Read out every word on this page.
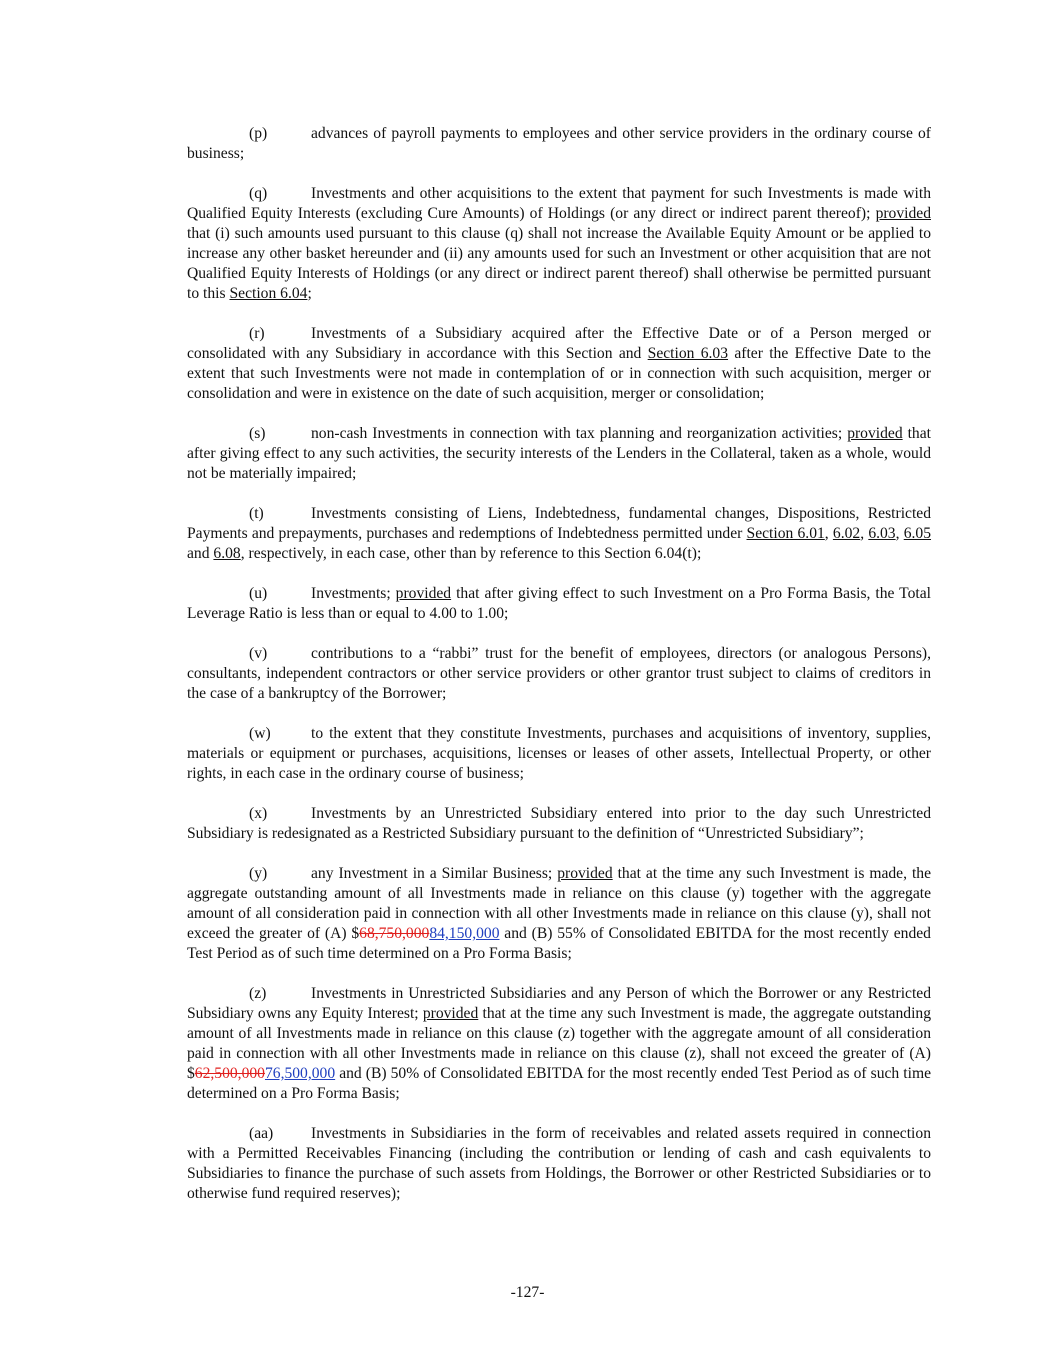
(p)	advances of payroll payments to employees and other service providers in the ordinary course of business;

(q)	Investments and other acquisitions to the extent that payment for such Investments is made with Qualified Equity Interests (excluding Cure Amounts) of Holdings (or any direct or indirect parent thereof); provided that (i) such amounts used pursuant to this clause (q) shall not increase the Available Equity Amount or be applied to increase any other basket hereunder and (ii) any amounts used for such an Investment or other acquisition that are not Qualified Equity Interests of Holdings (or any direct or indirect parent thereof) shall otherwise be permitted pursuant to this Section 6.04;

(r)	Investments of a Subsidiary acquired after the Effective Date or of a Person merged or consolidated with any Subsidiary in accordance with this Section and Section 6.03 after the Effective Date to the extent that such Investments were not made in contemplation of or in connection with such acquisition, merger or consolidation and were in existence on the date of such acquisition, merger or consolidation;

(s)	non-cash Investments in connection with tax planning and reorganization activities; provided that after giving effect to any such activities, the security interests of the Lenders in the Collateral, taken as a whole, would not be materially impaired;

(t)	Investments consisting of Liens, Indebtedness, fundamental changes, Dispositions, Restricted Payments and prepayments, purchases and redemptions of Indebtedness permitted under Section 6.01, 6.02, 6.03, 6.05 and 6.08, respectively, in each case, other than by reference to this Section 6.04(t);

(u)	Investments; provided that after giving effect to such Investment on a Pro Forma Basis, the Total Leverage Ratio is less than or equal to 4.00 to 1.00;

(v)	contributions to a “rabbi” trust for the benefit of employees, directors (or analogous Persons), consultants, independent contractors or other service providers or other grantor trust subject to claims of creditors in the case of a bankruptcy of the Borrower;

(w)	to the extent that they constitute Investments, purchases and acquisitions of inventory, supplies, materials or equipment or purchases, acquisitions, licenses or leases of other assets, Intellectual Property, or other rights, in each case in the ordinary course of business;

(x)	Investments by an Unrestricted Subsidiary entered into prior to the day such Unrestricted Subsidiary is redesignated as a Restricted Subsidiary pursuant to the definition of “Unrestricted Subsidiary”;

(y)	any Investment in a Similar Business; provided that at the time any such Investment is made, the aggregate outstanding amount of all Investments made in reliance on this clause (y) together with the aggregate amount of all consideration paid in connection with all other Investments made in reliance on this clause (y), shall not exceed the greater of (A) $68,750,00084,150,000 and (B) 55% of Consolidated EBITDA for the most recently ended Test Period as of such time determined on a Pro Forma Basis;

(z)	Investments in Unrestricted Subsidiaries and any Person of which the Borrower or any Restricted Subsidiary owns any Equity Interest; provided that at the time any such Investment is made, the aggregate outstanding amount of all Investments made in reliance on this clause (z) together with the aggregate amount of all consideration paid in connection with all other Investments made in reliance on this clause (z), shall not exceed the greater of (A) $62,500,00076,500,000 and (B) 50% of Consolidated EBITDA for the most recently ended Test Period as of such time determined on a Pro Forma Basis;

(aa) Investments in Subsidiaries in the form of receivables and related assets required in connection with a Permitted Receivables Financing (including the contribution or lending of cash and cash equivalents to Subsidiaries to finance the purchase of such assets from Holdings, the Borrower or other Restricted Subsidiaries or to otherwise fund required reserves);

-127-
